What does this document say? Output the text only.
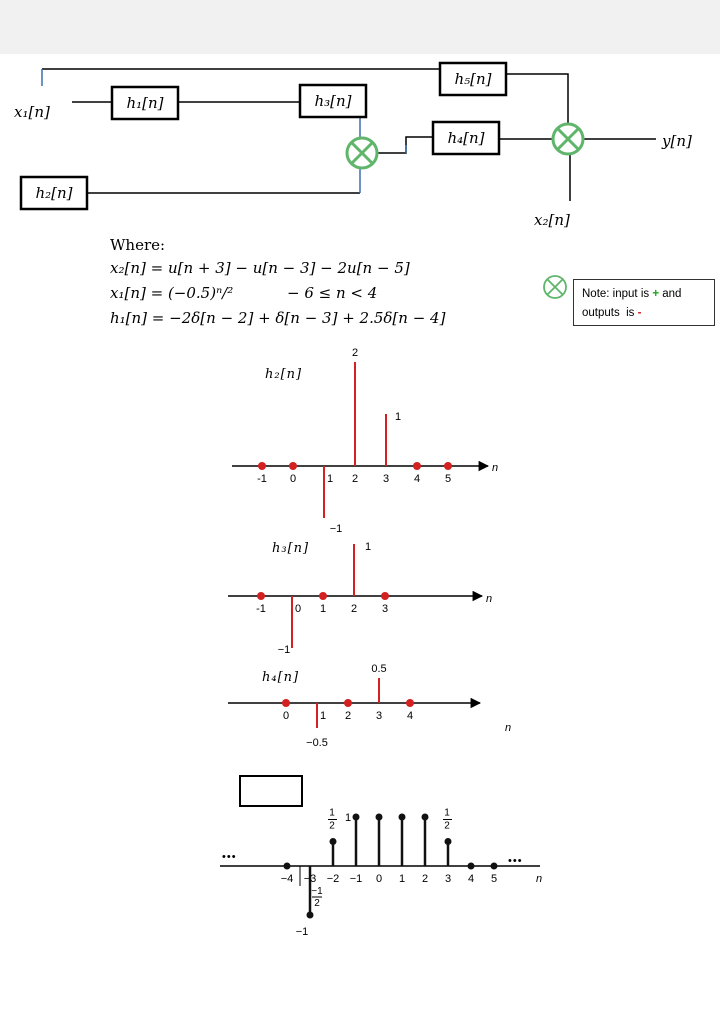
h₁[n]	h₃[n]
h₅[n]
h₄[n]
h₂[n]
x₁[n]
y[n]
x₂[n]
Where:
x₂[n] = u[n + 3] − u[n − 3] − 2u[n − 5]
x₁[n] = (−0.5)ⁿ/²	− 6 ≤ n < 4
h₁[n] = −2δ[n − 2] + δ[n − 3] + 2.5δ[n − 4]
Note: input is + and
outputs  is -
n
h₂[n]
-1 0	1 2 3 4 5
−1
2
1
n
h₃[n]
-1	0 1 2 3
−1
1
n
h₄[n]
0	1 2 3 4
−0.5
0.5
n
−4 −3 −2 −1 0 1 2 3 4 5
1
2
−1
1
2
1
•••	•••
−1
2
